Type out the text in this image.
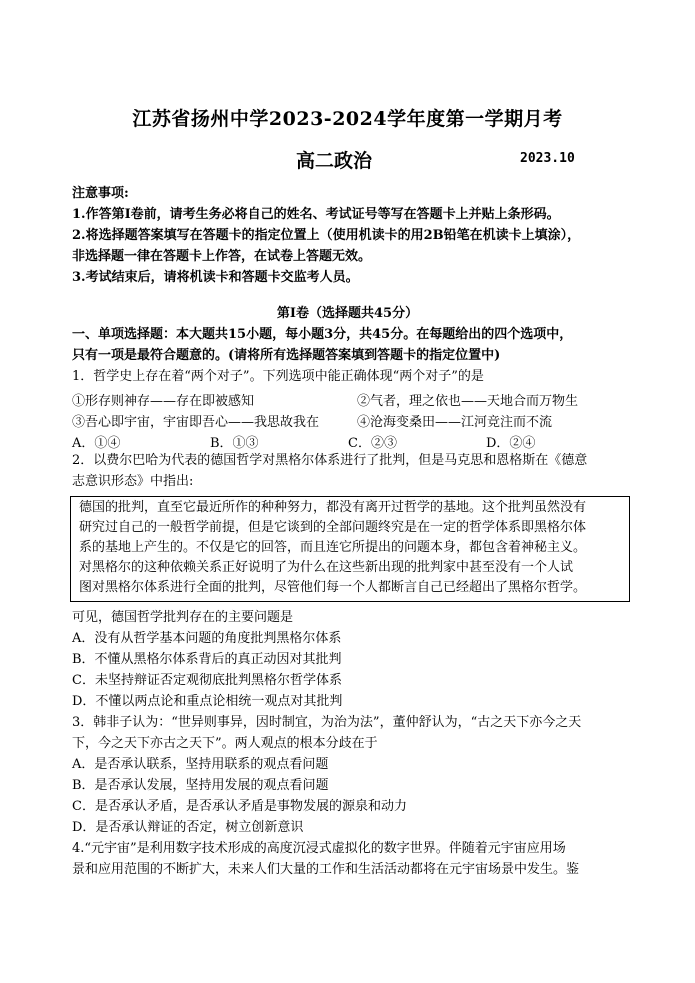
江苏省扬州中学2023-2024学年度第一学期月考
高二政治	2023.10
注意事项:
1.作答第I卷前，请考生务必将自己的姓名、考试证号等写在答题卡上并贴上条形码。
2.将选择题答案填写在答题卡的指定位置上（使用机读卡的用2B铅笔在机读卡上填涂），
非选择题一律在答题卡上作答，在试卷上答题无效。
3.考试结束后，请将机读卡和答题卡交监考人员。
第I卷（选择题共45分）
一、单项选择题：本大题共15小题，每小题3分，共45分。在每题给出的四个选项中，
只有一项是最符合题意的。(请将所有选择题答案填到答题卡的指定位置中)
1．哲学史上存在着“两个对子”。下列选项中能正确体现“两个对子”的是
①形存则神存——存在即被感知	②气者，理之依也——天地合而万物生
③吾心即宇宙，宇宙即吾心——我思故我在	④沧海变桑田——江河竞注而不流
A．①④	B．①③	C．②③	D．②④
2．以费尔巴哈为代表的德国哲学对黑格尔体系进行了批判，但是马克思和恩格斯在《德意
志意识形态》中指出:
德国的批判，直至它最近所作的种种努力，都没有离开过哲学的基地。这个批判虽然没有
研究过自己的一般哲学前提，但是它谈到的全部问题终究是在一定的哲学体系即黑格尔体
系的基地上产生的。不仅是它的回答，而且连它所提出的问题本身，都包含着神秘主义。
对黑格尔的这种依赖关系正好说明了为什么在这些新出现的批判家中甚至没有一个人试
图对黑格尔体系进行全面的批判，尽管他们每一个人都断言自己已经超出了黑格尔哲学。
可见，德国哲学批判存在的主要问题是
A．没有从哲学基本问题的角度批判黑格尔体系
B．不懂从黑格尔体系背后的真正动因对其批判
C．未坚持辩证否定观彻底批判黑格尔哲学体系
D．不懂以两点论和重点论相统一观点对其批判
3．韩非子认为：“世异则事异，因时制宜，为治为法”，董仲舒认为，“古之天下亦今之天
下，今之天下亦古之天下”。两人观点的根本分歧在于
A．是否承认联系，坚持用联系的观点看问题
B．是否承认发展，坚持用发展的观点看问题
C．是否承认矛盾，是否承认矛盾是事物发展的源泉和动力
D．是否承认辩证的否定，树立创新意识
4.“元宇宙”是利用数字技术形成的高度沉浸式虚拟化的数字世界。伴随着元宇宙应用场
景和应用范围的不断扩大，未来人们大量的工作和生活活动都将在元宇宙场景中发生。鉴
